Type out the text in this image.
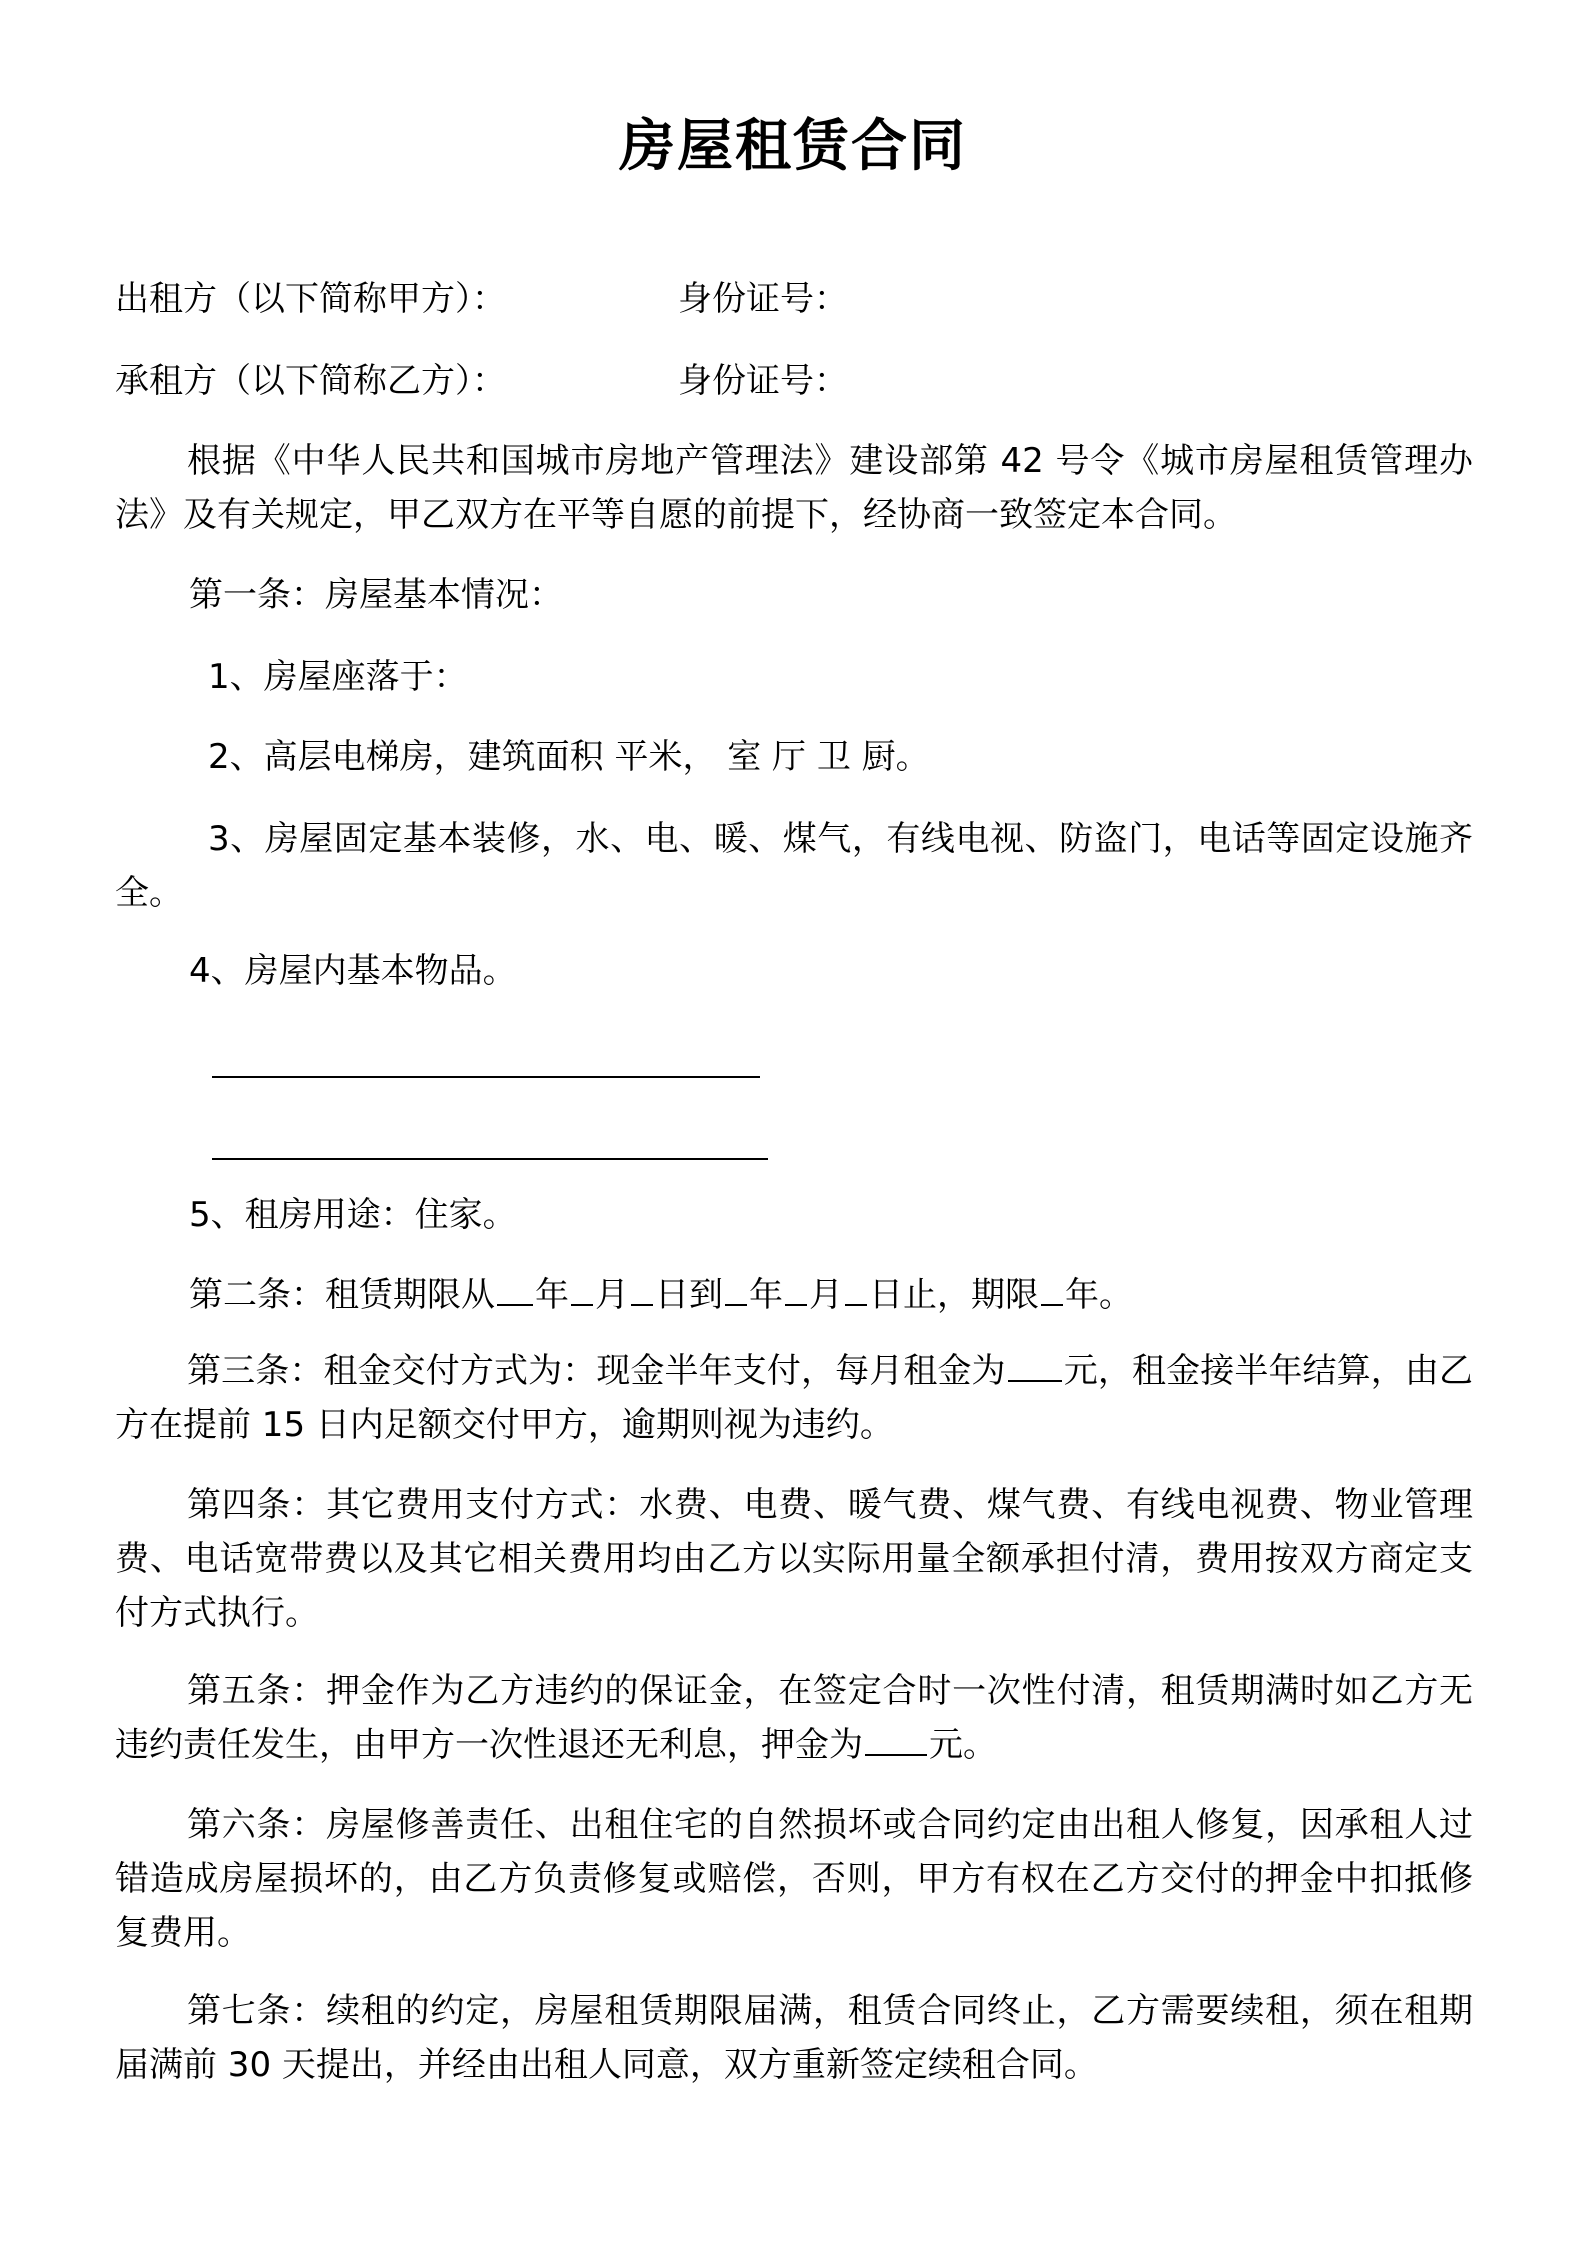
房屋租赁合同
出租方（以下简称甲方）：	身份证号：
承租方（以下简称乙方）：	身份证号：
根据《中华人民共和国城市房地产管理法》建设部第 42 号令《城市房屋租赁管理办法》及有关规定，甲乙双方在平等自愿的前提下，经协商一致签定本合同。
第一条：房屋基本情况：
1、房屋座落于：
2、高层电梯房，建筑面积 平米， 室 厅 卫 厨。
3、房屋固定基本装修，水、电、暖、煤气，有线电视、防盗门，电话等固定设施齐全。
4、房屋内基本物品。
5、租房用途：住家。
第二条：租赁期限从 年 月 日到 年 月 日止，期限 年。
第三条：租金交付方式为：现金半年支付，每月租金为 元，租金接半年结算，由乙方在提前 15 日内足额交付甲方，逾期则视为违约。
第四条：其它费用支付方式：水费、电费、暖气费、煤气费、有线电视费、物业管理费、电话宽带费以及其它相关费用均由乙方以实际用量全额承担付清，费用按双方商定支付方式执行。
第五条：押金作为乙方违约的保证金，在签定合时一次性付清，租赁期满时如乙方无违约责任发生，由甲方一次性退还无利息，押金为 元。
第六条：房屋修善责任、出租住宅的自然损坏或合同约定由出租人修复，因承租人过错造成房屋损坏的，由乙方负责修复或赔偿，否则，甲方有权在乙方交付的押金中扣抵修复费用。
第七条：续租的约定，房屋租赁期限届满，租赁合同终止，乙方需要续租，须在租期届满前 30 天提出，并经由出租人同意，双方重新签定续租合同。
